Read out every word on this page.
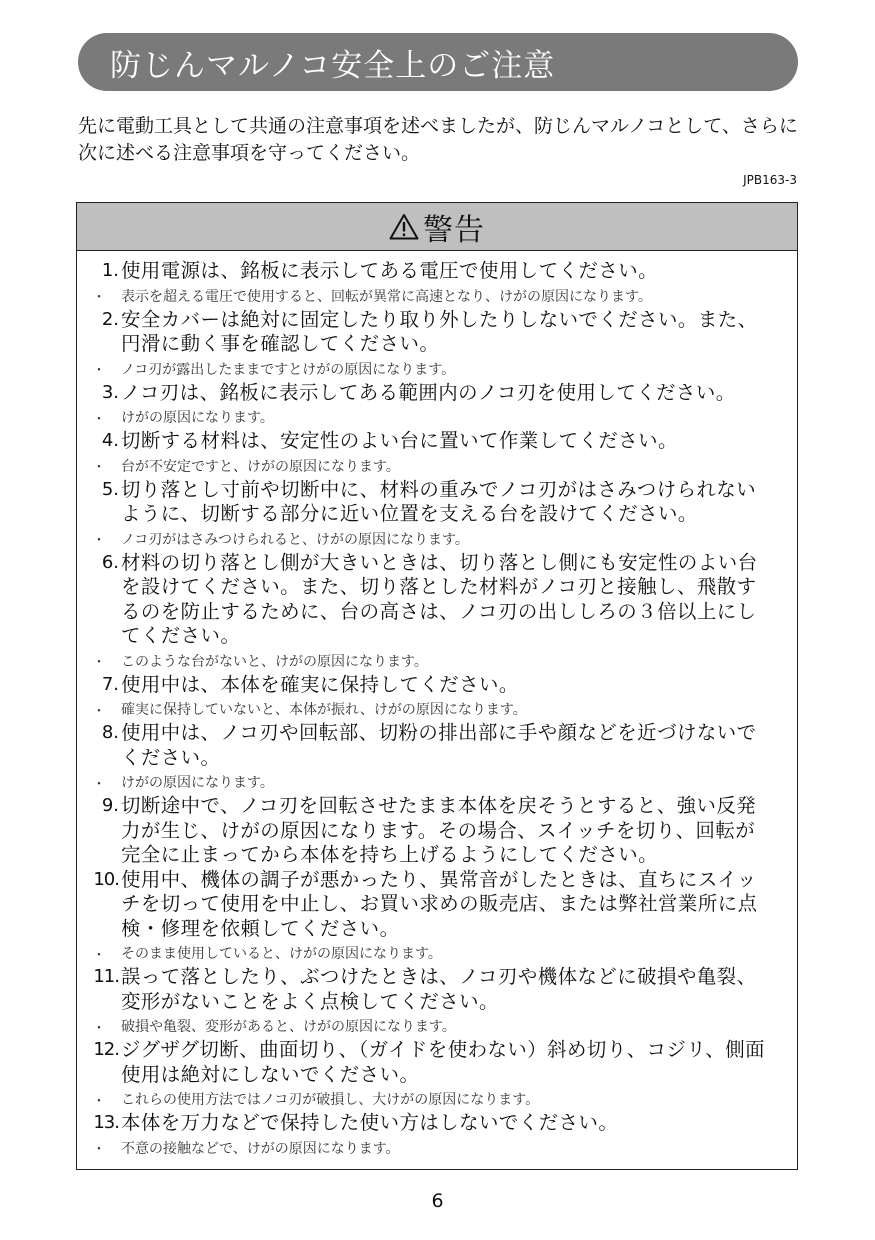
防じんマルノコ安全上のご注意

先に電動工具として共通の注意事項を述べましたが、防じんマルノコとして、さらに次に述べる注意事項を守ってください。

JPB163-3
警告
1. 使用電源は、銘板に表示してある電圧で使用してください。
・	表示を超える電圧で使用すると、回転が異常に高速となり、けがの原因になります。
2. 安全カバーは絶対に固定したり取り外したりしないでください。また、円滑に動く事を確認してください。
・	ノコ刃が露出したままですとけがの原因になります。
3. ノコ刃は、銘板に表示してある範囲内のノコ刃を使用してください。
・	けがの原因になります。
4. 切断する材料は、安定性のよい台に置いて作業してください。
・	台が不安定ですと、けがの原因になります。
5. 切り落とし寸前や切断中に、材料の重みでノコ刃がはさみつけられないように、切断する部分に近い位置を支える台を設けてください。
・	ノコ刃がはさみつけられると、けがの原因になります。
6. 材料の切り落とし側が大きいときは、切り落とし側にも安定性のよい台を設けてください。また、切り落とした材料がノコ刃と接触し、飛散するのを防止するために、台の高さは、ノコ刃の出ししろの３倍以上にしてください。
・	このような台がないと、けがの原因になります。
7. 使用中は、本体を確実に保持してください。
・	確実に保持していないと、本体が振れ、けがの原因になります。
8. 使用中は、ノコ刃や回転部、切粉の排出部に手や顔などを近づけないでください。
・	けがの原因になります。
9. 切断途中で、ノコ刃を回転させたまま本体を戻そうとすると、強い反発力が生じ、けがの原因になります。その場合、スイッチを切り、回転が完全に止まってから本体を持ち上げるようにしてください。
10. 使用中、機体の調子が悪かったり、異常音がしたときは、直ちにスイッチを切って使用を中止し、お買い求めの販売店、または弊社営業所に点検・修理を依頼してください。
・	そのまま使用していると、けがの原因になります。
11. 誤って落としたり、ぶつけたときは、ノコ刃や機体などに破損や亀裂、変形がないことをよく点検してください。
・	破損や亀裂、変形があると、けがの原因になります。
12. ジグザグ切断、曲面切り、（ガイドを使わない）斜め切り、コジリ、側面使用は絶対にしないでください。
・	これらの使用方法ではノコ刃が破損し、大けがの原因になります。
13. 本体を万力などで保持した使い方はしないでください。
・	不意の接触などで、けがの原因になります。
6
